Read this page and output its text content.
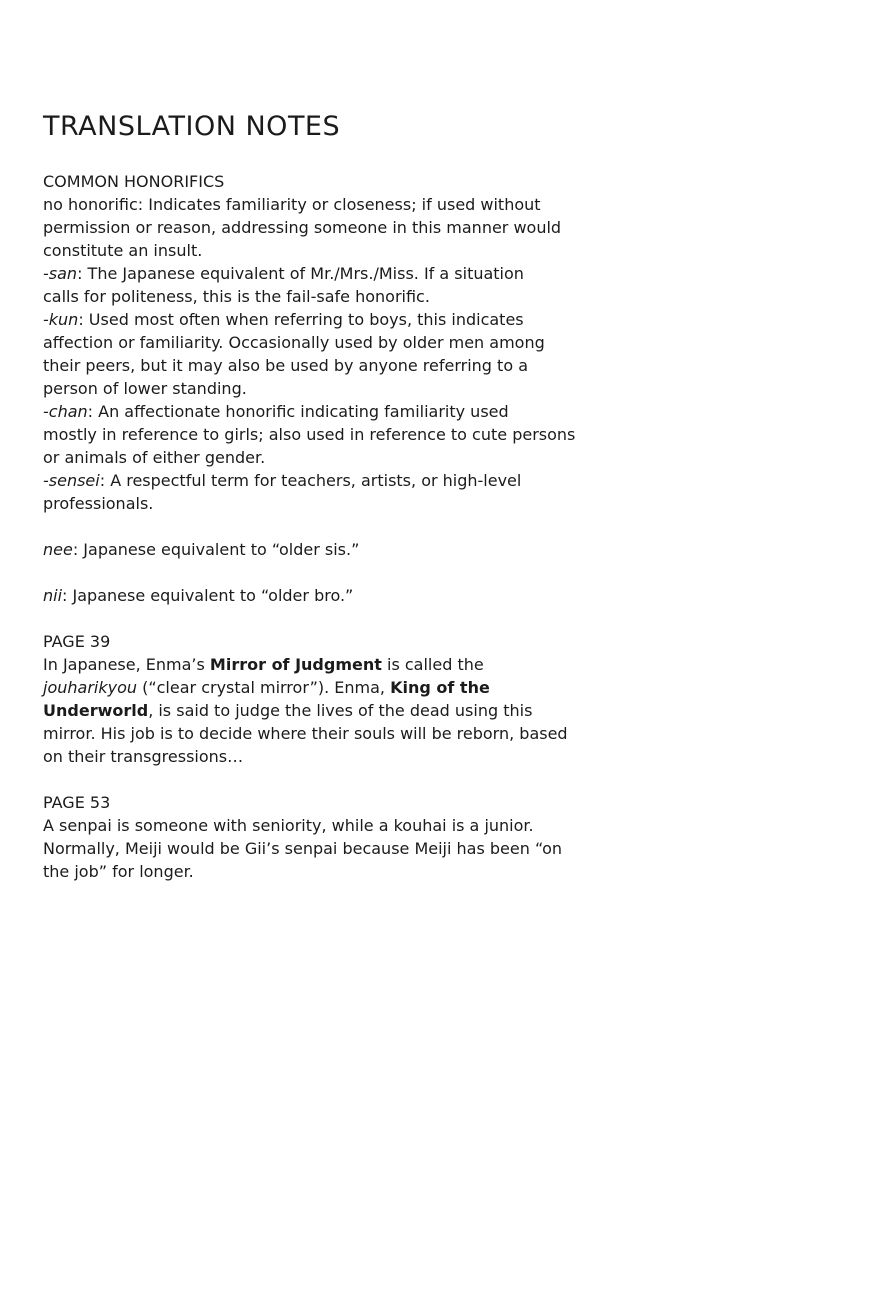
TRANSLATION NOTES
COMMON HONORIFICS
no honorific: Indicates familiarity or closeness; if used without
permission or reason, addressing someone in this manner would
constitute an insult.
-san: The Japanese equivalent of Mr./Mrs./Miss. If a situation
calls for politeness, this is the fail-safe honorific.
-kun: Used most often when referring to boys, this indicates
affection or familiarity. Occasionally used by older men among
their peers, but it may also be used by anyone referring to a
person of lower standing.
-chan: An affectionate honorific indicating familiarity used
mostly in reference to girls; also used in reference to cute persons
or animals of either gender.
-sensei: A respectful term for teachers, artists, or high-level
professionals.
nee: Japanese equivalent to “older sis.”
nii: Japanese equivalent to “older bro.”
PAGE 39
In Japanese, Enma’s Mirror of Judgment is called the
jouharikyou (“clear crystal mirror”). Enma, King of the
Underworld, is said to judge the lives of the dead using this
mirror. His job is to decide where their souls will be reborn, based
on their transgressions…
PAGE 53
A senpai is someone with seniority, while a kouhai is a junior.
Normally, Meiji would be Gii’s senpai because Meiji has been “on
the job” for longer.
